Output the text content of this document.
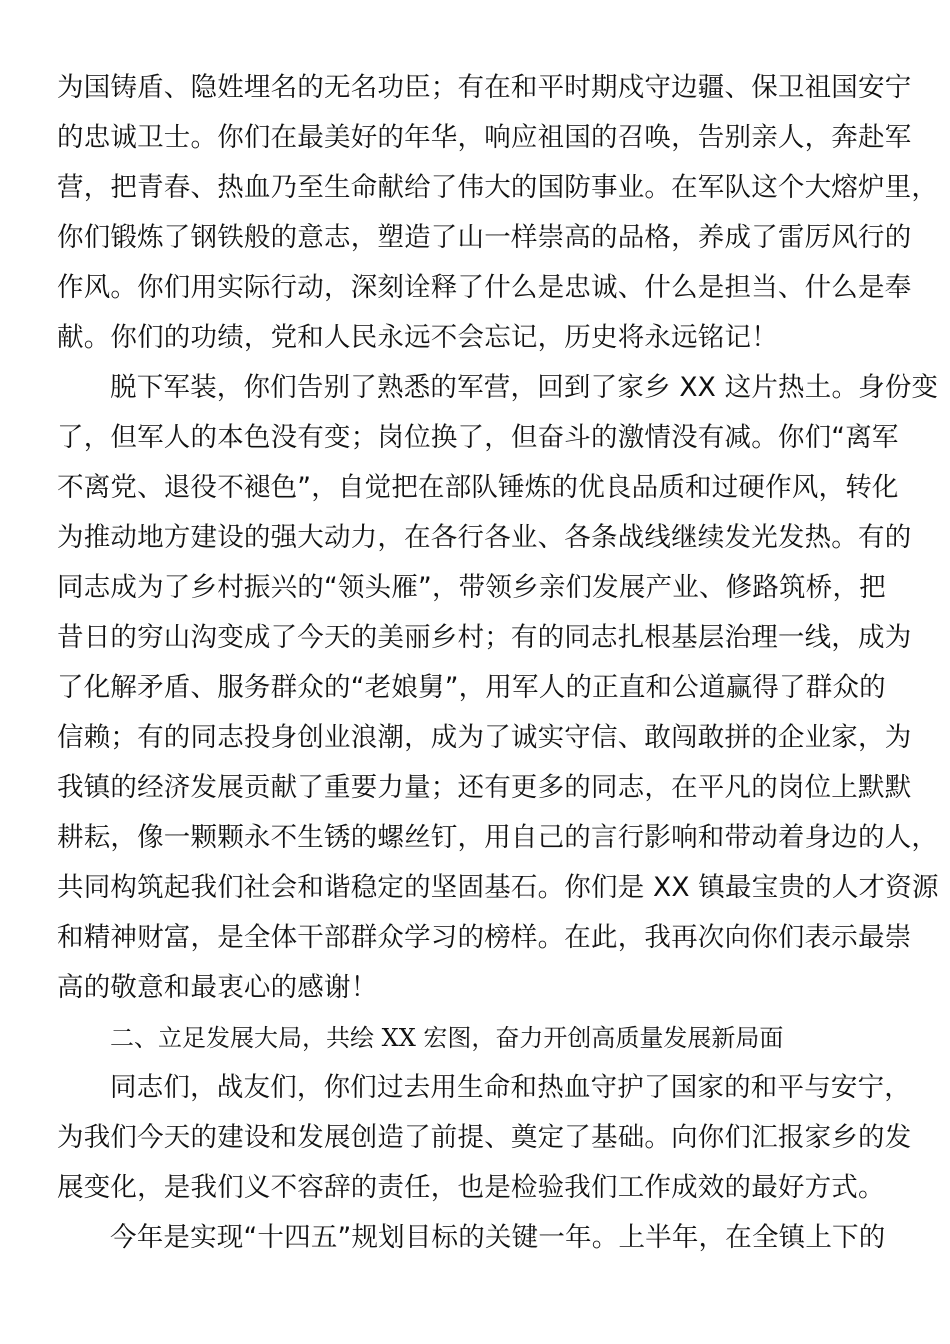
为国铸盾、隐姓埋名的无名功臣；有在和平时期戍守边疆、保卫祖国安宁
的忠诚卫士。你们在最美好的年华，响应祖国的召唤，告别亲人，奔赴军
营，把青春、热血乃至生命献给了伟大的国防事业。在军队这个大熔炉里，
你们锻炼了钢铁般的意志，塑造了山一样崇高的品格，养成了雷厉风行的
作风。你们用实际行动，深刻诠释了什么是忠诚、什么是担当、什么是奉
献。你们的功绩，党和人民永远不会忘记，历史将永远铭记！
脱下军装，你们告别了熟悉的军营，回到了家乡 XX 这片热土。身份变
了，但军人的本色没有变；岗位换了，但奋斗的激情没有减。你们“离军
不离党、退役不褪色”，自觉把在部队锤炼的优良品质和过硬作风，转化
为推动地方建设的强大动力，在各行各业、各条战线继续发光发热。有的
同志成为了乡村振兴的“领头雁”，带领乡亲们发展产业、修路筑桥，把
昔日的穷山沟变成了今天的美丽乡村；有的同志扎根基层治理一线，成为
了化解矛盾、服务群众的“老娘舅”，用军人的正直和公道赢得了群众的
信赖；有的同志投身创业浪潮，成为了诚实守信、敢闯敢拼的企业家，为
我镇的经济发展贡献了重要力量；还有更多的同志，在平凡的岗位上默默
耕耘，像一颗颗永不生锈的螺丝钉，用自己的言行影响和带动着身边的人，
共同构筑起我们社会和谐稳定的坚固基石。你们是 XX 镇最宝贵的人才资源
和精神财富，是全体干部群众学习的榜样。在此，我再次向你们表示最崇
高的敬意和最衷心的感谢！
二、立足发展大局，共绘 XX 宏图，奋力开创高质量发展新局面
同志们，战友们，你们过去用生命和热血守护了国家的和平与安宁，
为我们今天的建设和发展创造了前提、奠定了基础。向你们汇报家乡的发
展变化，是我们义不容辞的责任，也是检验我们工作成效的最好方式。
今年是实现“十四五”规划目标的关键一年。上半年，在全镇上下的
